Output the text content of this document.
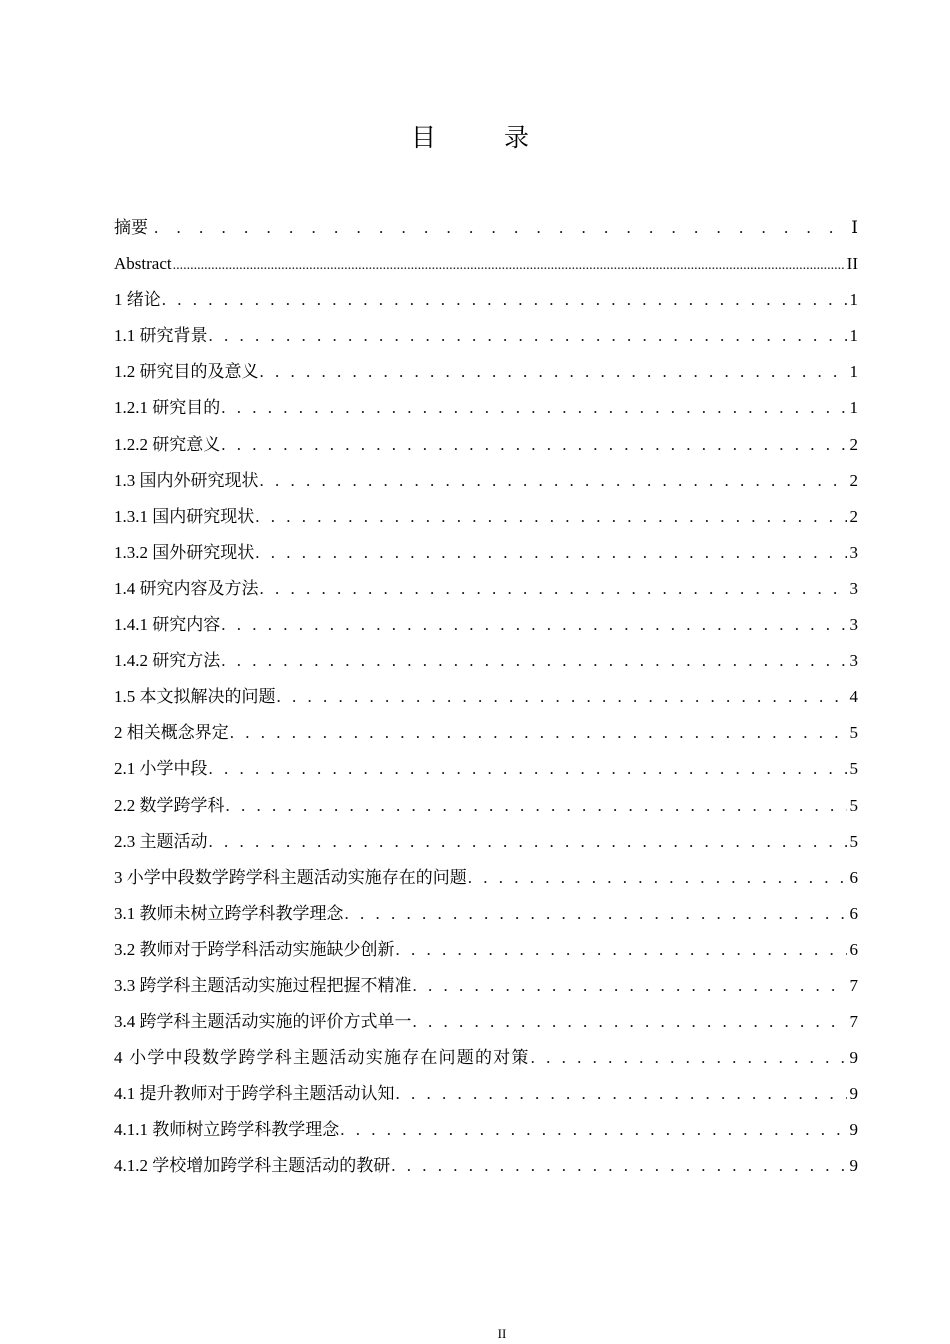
目 录
摘要 . . .	Ⅰ
Abstract .....	II
1 绪论 . . .	1
1.1 研究背景 . . .	1
1.2 研究目的及意义 . . .	1
1.2.1 研究目的 . . .	1
1.2.2 研究意义 . . .	2
1.3 国内外研究现状 . . .	2
1.3.1 国内研究现状 . . .	2
1.3.2 国外研究现状 . . .	3
1.4 研究内容及方法 . . .	3
1.4.1 研究内容 . . .	3
1.4.2 研究方法 . . .	3
1.5 本文拟解决的问题 . . .	4
2 相关概念界定 . . .	5
2.1 小学中段 . . .	5
2.2 数学跨学科 . . .	5
2.3 主题活动 . . .	5
3 小学中段数学跨学科主题活动实施存在的问题 . . .	6
3.1 教师未树立跨学科教学理念 . . .	6
3.2 教师对于跨学科活动实施缺少创新 . . .	6
3.3 跨学科主题活动实施过程把握不精准 . . .	7
3.4 跨学科主题活动实施的评价方式单一 . . .	7
4 小学中段数学跨学科主题活动实施存在问题的对策 . . .	9
4.1 提升教师对于跨学科主题活动认知 . . .	9
4.1.1 教师树立跨学科教学理念 . . .	9
4.1.2 学校增加跨学科主题活动的教研 . . .	9
II
